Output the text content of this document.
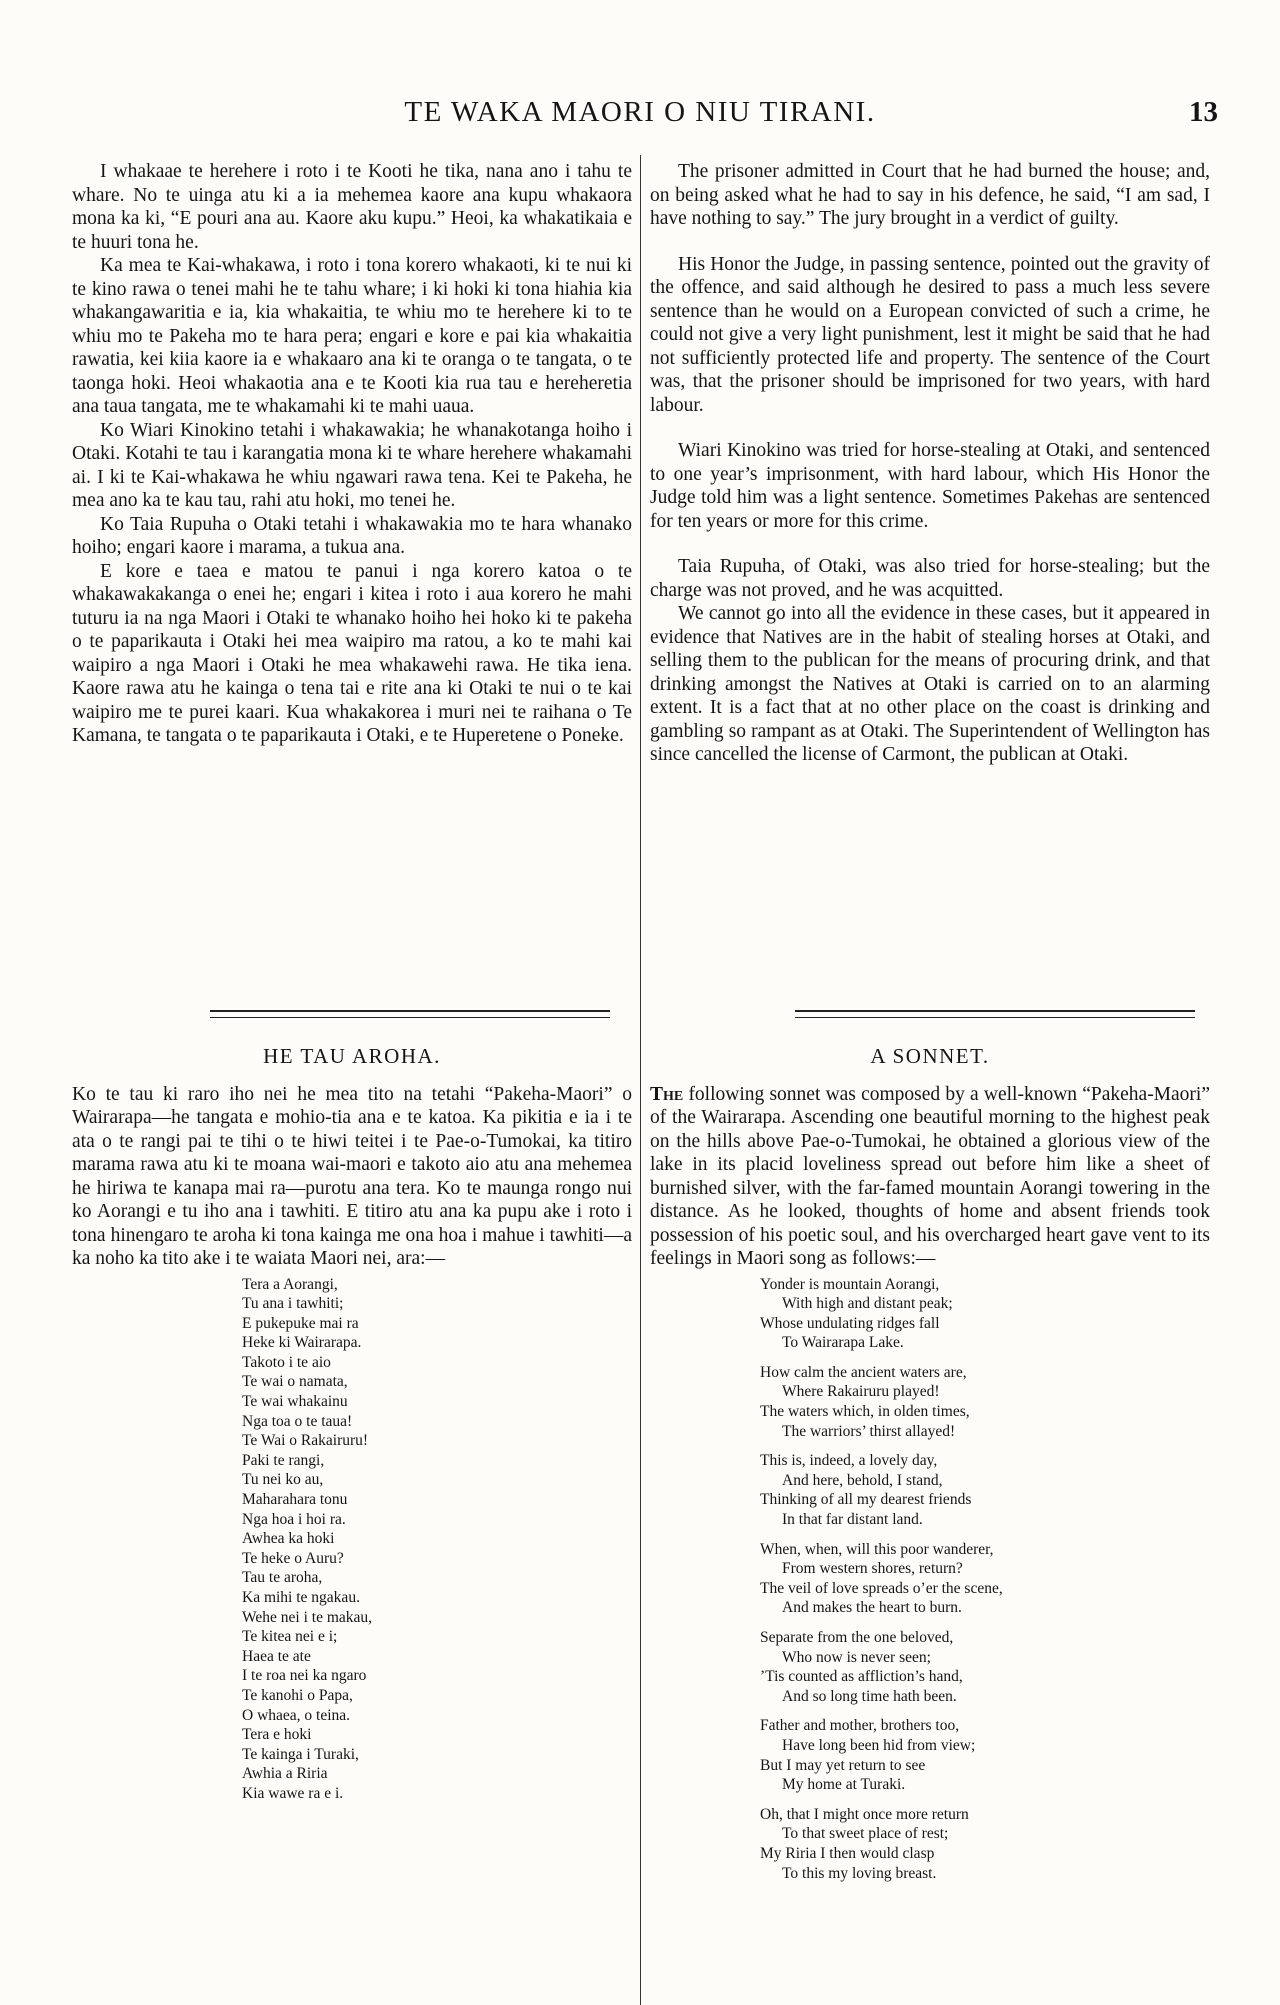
TE WAKA MAORI O NIU TIRANI.	13

I whakaae te herehere i roto i te Kooti he tika, nana ano i tahu te whare. No te uinga atu ki a ia mehemea kaore ana kupu whakaora mona ka ki, “E pouri ana au. Kaore aku kupu.” Heoi, ka whakatikaia e te huuri tona he.

Ka mea te Kai-whakawa, i roto i tona korero whakaoti, ki te nui ki te kino rawa o tenei mahi he te tahu whare; i ki hoki ki tona hiahia kia whakangawaritia e ia, kia whakaitia, te whiu mo te herehere ki to te whiu mo te Pakeha mo te hara pera; engari e kore e pai kia whakaitia rawatia, kei kiia kaore ia e whakaaro ana ki te oranga o te tangata, o te taonga hoki. Heoi whakaotia ana e te Kooti kia rua tau e hereheretia ana taua tangata, me te whakamahi ki te mahi uaua.

Ko Wiari Kinokino tetahi i whakawakia; he whanakotanga hoiho i Otaki. Kotahi te tau i karangatia mona ki te whare herehere whakamahi ai. I ki te Kai-whakawa he whiu ngawari rawa tena. Kei te Pakeha, he mea ano ka te kau tau, rahi atu hoki, mo tenei he.

Ko Taia Rupuha o Otaki tetahi i whakawakia mo te hara whanako hoiho; engari kaore i marama, a tukua ana.

E kore e taea e matou te panui i nga korero katoa o te whakawakakanga o enei he; engari i kitea i roto i aua korero he mahi tuturu ia na nga Maori i Otaki te whanako hoiho hei hoko ki te pakeha o te paparikauta i Otaki hei mea waipiro ma ratou, a ko te mahi kai waipiro a nga Maori i Otaki he mea whakawehi rawa. He tika iena. Kaore rawa atu he kainga o tena tai e rite ana ki Otaki te nui o te kai waipiro me te purei kaari. Kua whakakorea i muri nei te raihana o Te Kamana, te tangata o te paparikauta i Otaki, e te Huperetene o Poneke.

The prisoner admitted in Court that he had burned the house; and, on being asked what he had to say in his defence, he said, “I am sad, I have nothing to say.” The jury brought in a verdict of guilty.

His Honor the Judge, in passing sentence, pointed out the gravity of the offence, and said although he desired to pass a much less severe sentence than he would on a European convicted of such a crime, he could not give a very light punishment, lest it might be said that he had not sufficiently protected life and property. The sentence of the Court was, that the prisoner should be imprisoned for two years, with hard labour.

Wiari Kinokino was tried for horse-stealing at Otaki, and sentenced to one year’s imprisonment, with hard labour, which His Honor the Judge told him was a light sentence. Sometimes Pakehas are sentenced for ten years or more for this crime.

Taia Rupuha, of Otaki, was also tried for horse-stealing; but the charge was not proved, and he was acquitted.

We cannot go into all the evidence in these cases, but it appeared in evidence that Natives are in the habit of stealing horses at Otaki, and selling them to the publican for the means of procuring drink, and that drinking amongst the Natives at Otaki is carried on to an alarming extent. It is a fact that at no other place on the coast is drinking and gambling so rampant as at Otaki. The Superintendent of Wellington has since cancelled the license of Carmont, the publican at Otaki.

HE TAU AROHA.

Ko te tau ki raro iho nei he mea tito na tetahi “Pakeha-Maori” o Wairarapa—he tangata e mohio-tia ana e te katoa. Ka pikitia e ia i te ata o te rangi pai te tihi o te hiwi teitei i te Pae-o-Tumokai, ka titiro marama rawa atu ki te moana wai-maori e takoto aio atu ana mehemea he hiriwa te kanapa mai ra—purotu ana tera. Ko te maunga rongo nui ko Aorangi e tu iho ana i tawhiti. E titiro atu ana ka pupu ake i roto i tona hinengaro te aroha ki tona kainga me ona hoa i mahue i tawhiti—a ka noho ka tito ake i te waiata Maori nei, ara:—

Tera a Aorangi,
Tu ana i tawhiti;
E pukepuke mai ra
Heke ki Wairarapa.
Takoto i te aio
Te wai o namata,
Te wai whakainu
Nga toa o te taua!
Te Wai o Rakairuru!
Paki te rangi,
Tu nei ko au,
Maharahara tonu
Nga hoa i hoi ra.
Awhea ka hoki
Te heke o Auru?
Tau te aroha,
Ka mihi te ngakau.
Wehe nei i te makau,
Te kitea nei e i;
Haea te ate
I te roa nei ka ngaro
Te kanohi o Papa,
O whaea, o teina.
Tera e hoki
Te kainga i Turaki,
Awhia a Riria
Kia wawe ra e i.
A SONNET.

The following sonnet was composed by a well-known “Pakeha-Maori” of the Wairarapa. Ascending one beautiful morning to the highest peak on the hills above Pae-o-Tumokai, he obtained a glorious view of the lake in its placid loveliness spread out before him like a sheet of burnished silver, with the far-famed mountain Aorangi towering in the distance. As he looked, thoughts of home and absent friends took possession of his poetic soul, and his overcharged heart gave vent to its feelings in Maori song as follows:—

Yonder is mountain Aorangi,
With high and distant peak;
Whose undulating ridges fall
To Wairarapa Lake.
How calm the ancient waters are,
Where Rakairuru played!
The waters which, in olden times,
The warriors’ thirst allayed!
This is, indeed, a lovely day,
And here, behold, I stand,
Thinking of all my dearest friends
In that far distant land.
When, when, will this poor wanderer,
From western shores, return?
The veil of love spreads o’er the scene,
And makes the heart to burn.
Separate from the one beloved,
Who now is never seen;
’Tis counted as affliction’s hand,
And so long time hath been.
Father and mother, brothers too,
Have long been hid from view;
But I may yet return to see
My home at Turaki.
Oh, that I might once more return
To that sweet place of rest;
My Riria I then would clasp
To this my loving breast.
